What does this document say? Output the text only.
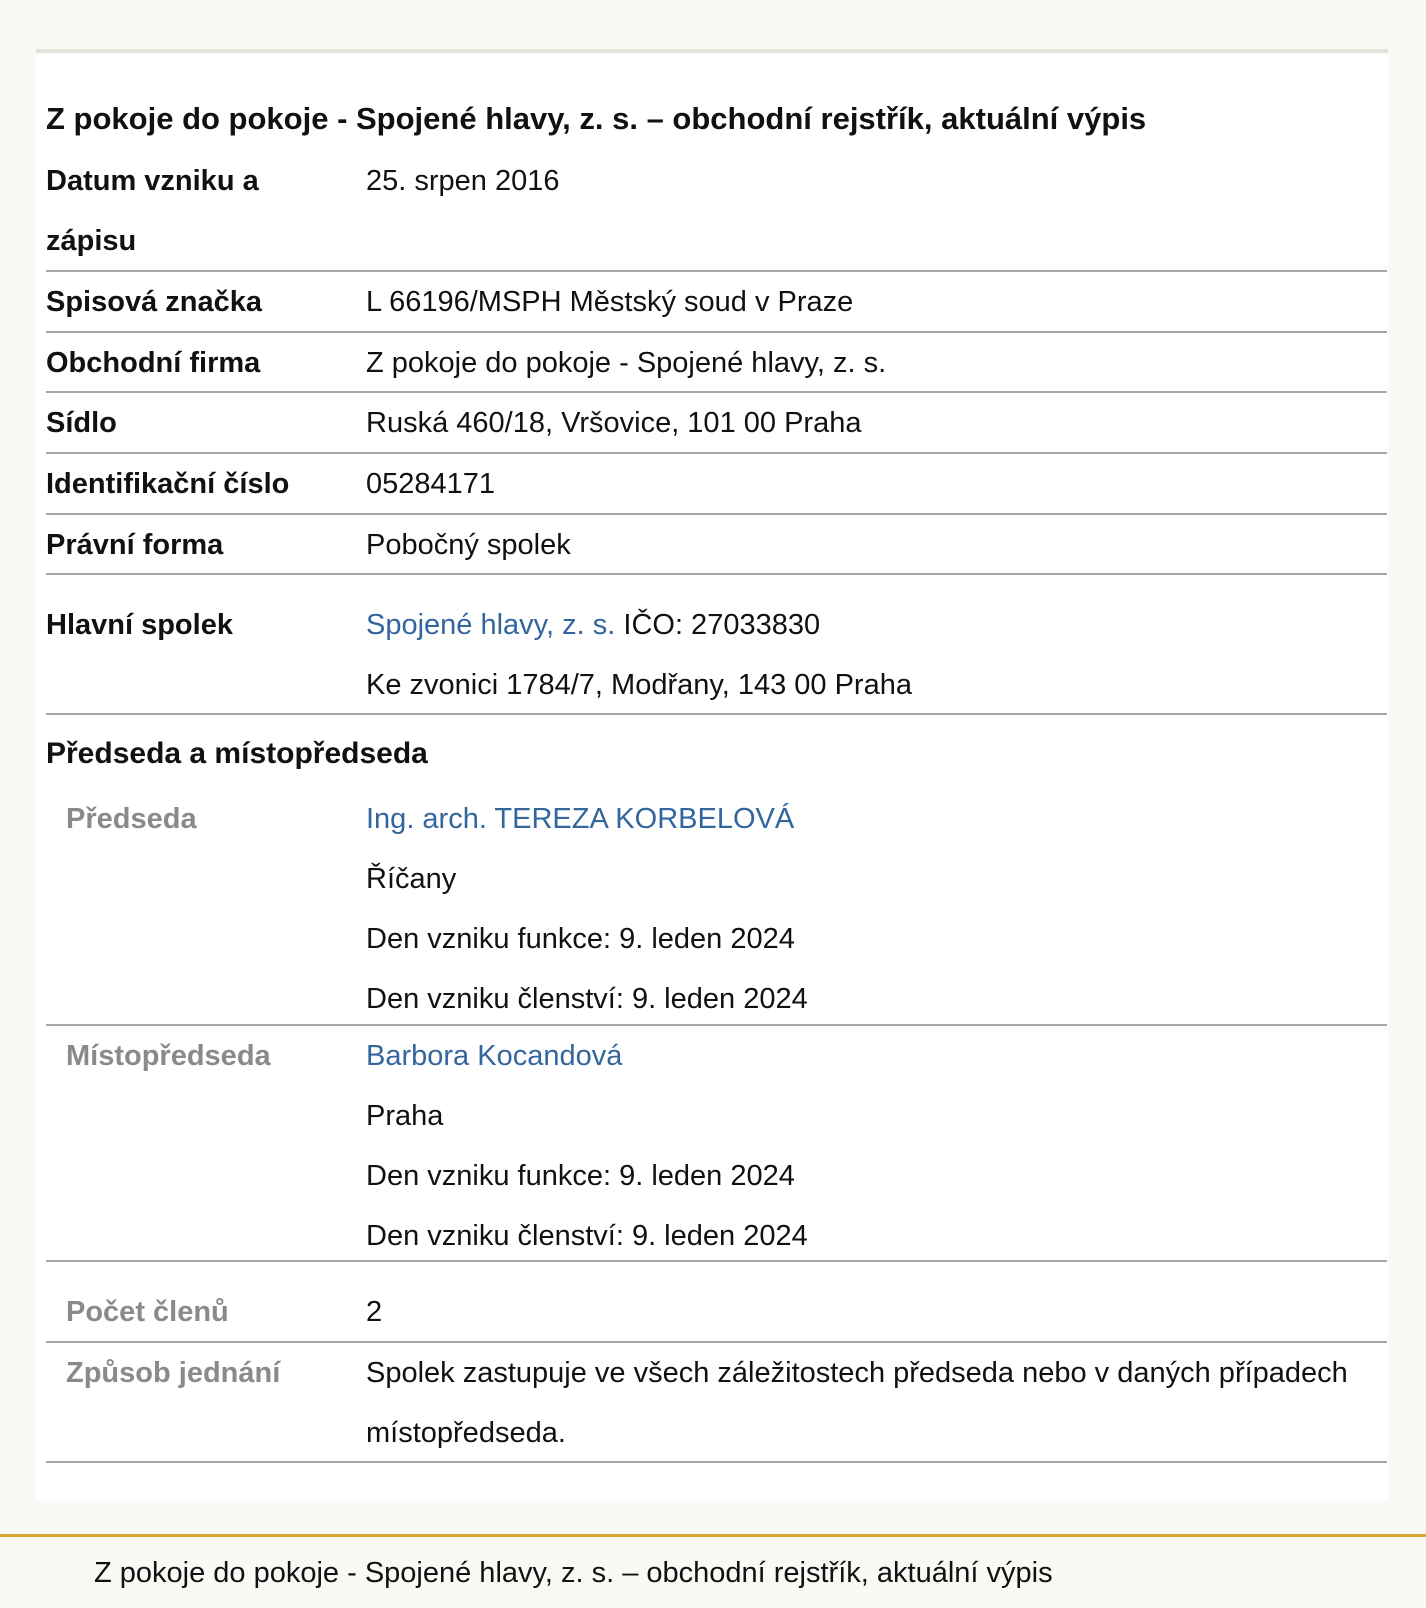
Z pokoje do pokoje - Spojené hlavy, z. s. – obchodní rejstřík, aktuální výpis
Datum vzniku a zápisu
25. srpen 2016
Spisová značka	L 66196/MSPH Městský soud v Praze
Obchodní firma	Z pokoje do pokoje - Spojené hlavy, z. s.
Sídlo	Ruská 460/18, Vršovice, 101 00 Praha
Identifikační číslo	05284171
Právní forma	Pobočný spolek
Hlavní spolek	Spojené hlavy, z. s. IČO: 27033830
Ke zvonici 1784/7, Modřany, 143 00 Praha
Předseda a místopředseda
Předseda	Ing. arch. TEREZA KORBELOVÁ
Říčany
Den vzniku funkce: 9. leden 2024
Den vzniku členství: 9. leden 2024
Místopředseda	Barbora Kocandová
Praha
Den vzniku funkce: 9. leden 2024
Den vzniku členství: 9. leden 2024
Počet členů	2
Způsob jednání	Spolek zastupuje ve všech záležitostech předseda nebo v daných případech
místopředseda.
Z pokoje do pokoje - Spojené hlavy, z. s. – obchodní rejstřík, aktuální výpis
